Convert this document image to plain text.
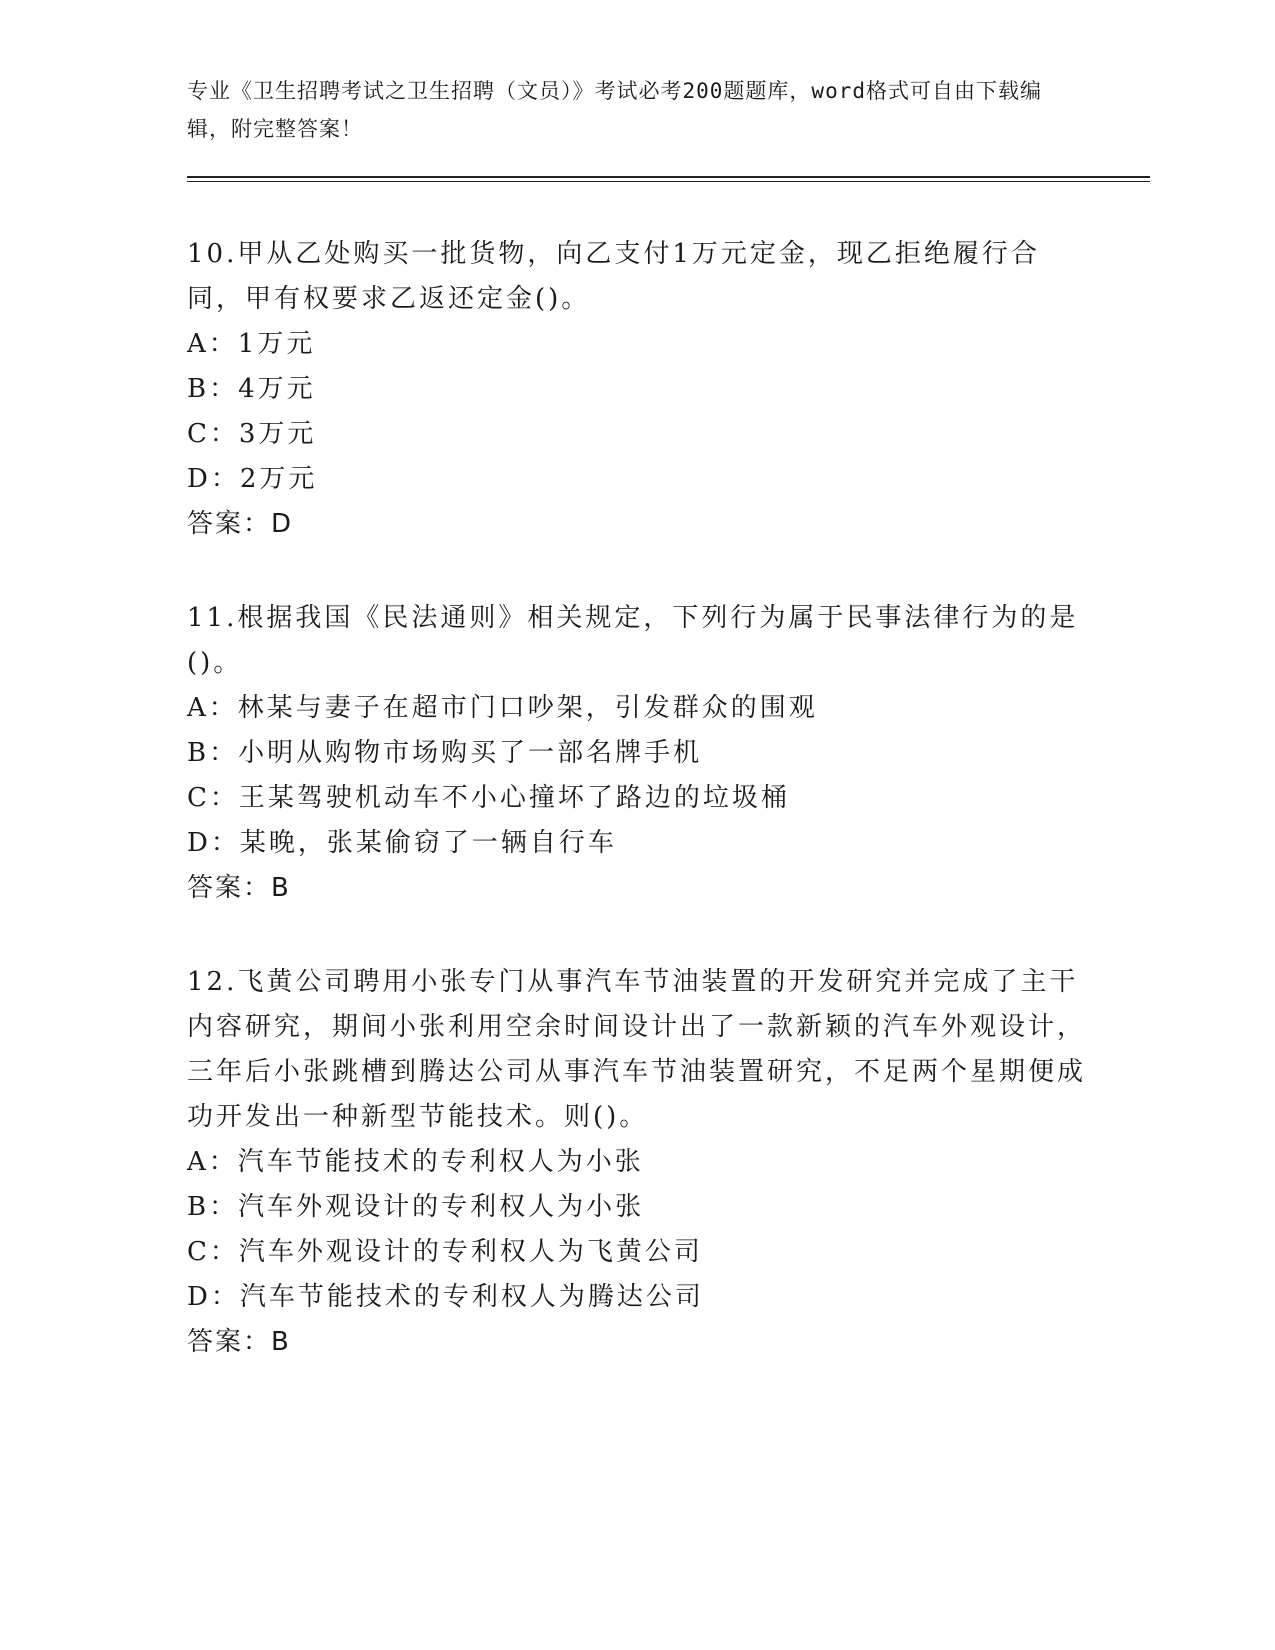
专业《卫生招聘考试之卫生招聘（文员）》考试必考200题题库，word格式可自由下载编辑，附完整答案！

10.甲从乙处购买一批货物，向乙支付1万元定金，现乙拒绝履行合同，甲有权要求乙返还定金()。

A：1万元

B：4万元

C：3万元

D：2万元

答案：D

11.根据我国《民法通则》相关规定，下列行为属于民事法律行为的是()。

A：林某与妻子在超市门口吵架，引发群众的围观

B：小明从购物市场购买了一部名牌手机

C：王某驾驶机动车不小心撞坏了路边的垃圾桶

D：某晚，张某偷窃了一辆自行车

答案：B

12.飞黄公司聘用小张专门从事汽车节油装置的开发研究并完成了主干内容研究，期间小张利用空余时间设计出了一款新颖的汽车外观设计，三年后小张跳槽到腾达公司从事汽车节油装置研究，不足两个星期便成功开发出一种新型节能技术。则()。

A：汽车节能技术的专利权人为小张

B：汽车外观设计的专利权人为小张

C：汽车外观设计的专利权人为飞黄公司

D：汽车节能技术的专利权人为腾达公司

答案：B
